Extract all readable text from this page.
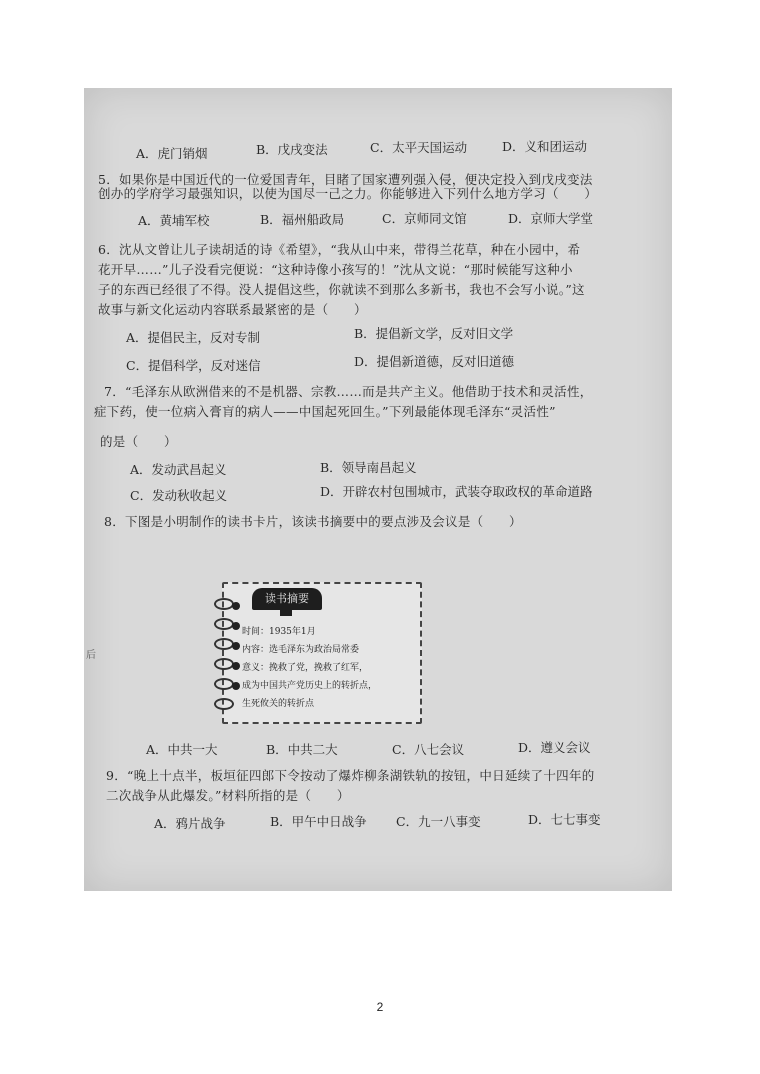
A．虎门销烟	B．戊戌变法	C．太平天国运动	D．义和团运动
5．如果你是中国近代的一位爱国青年，目睹了国家遭列强入侵，便决定投入到戊戌变法
创办的学府学习最强知识，以使为国尽一己之力。你能够进入下列什么地方学习（　　）
A．黄埔军校	B．福州船政局	C．京师同文馆	D．京师大学堂
6．沈从文曾让儿子读胡适的诗《希望》，“我从山中来，带得兰花草，种在小园中，希
花开早……”儿子没看完便说：“这种诗像小孩写的！”沈从文说：“那时候能写这种小
子的东西已经很了不得。没人提倡这些，你就读不到那么多新书，我也不会写小说。”这
故事与新文化运动内容联系最紧密的是（　　）
A．提倡民主，反对专制	B．提倡新文学，反对旧文学
C．提倡科学，反对迷信	D．提倡新道德，反对旧道德
7．“毛泽东从欧洲借来的不是机器、宗教……而是共产主义。他借助于技术和灵活性，
症下药，使一位病入膏肓的病人——中国起死回生。”下列最能体现毛泽东“灵活性”
的是（　　）
A．发动武昌起义	B．领导南昌起义
C．发动秋收起义	D．开辟农村包围城市，武装夺取政权的革命道路
8．下图是小明制作的读书卡片，该读书摘要中的要点涉及会议是（　　）
读书摘要
时间：1935年1月
内容：选毛泽东为政治局常委
意义：挽救了党，挽救了红军，
成为中国共产党历史上的转折点，
生死攸关的转折点
A．中共一大	B．中共二大	C．八七会议	D．遵义会议
9．“晚上十点半，板垣征四郎下令按动了爆炸柳条湖铁轨的按钮，中日延续了十四年的
二次战争从此爆发。”材料所指的是（　　）
A．鸦片战争	B．甲午中日战争 C．九一八事变	D．七七事变
后
2
